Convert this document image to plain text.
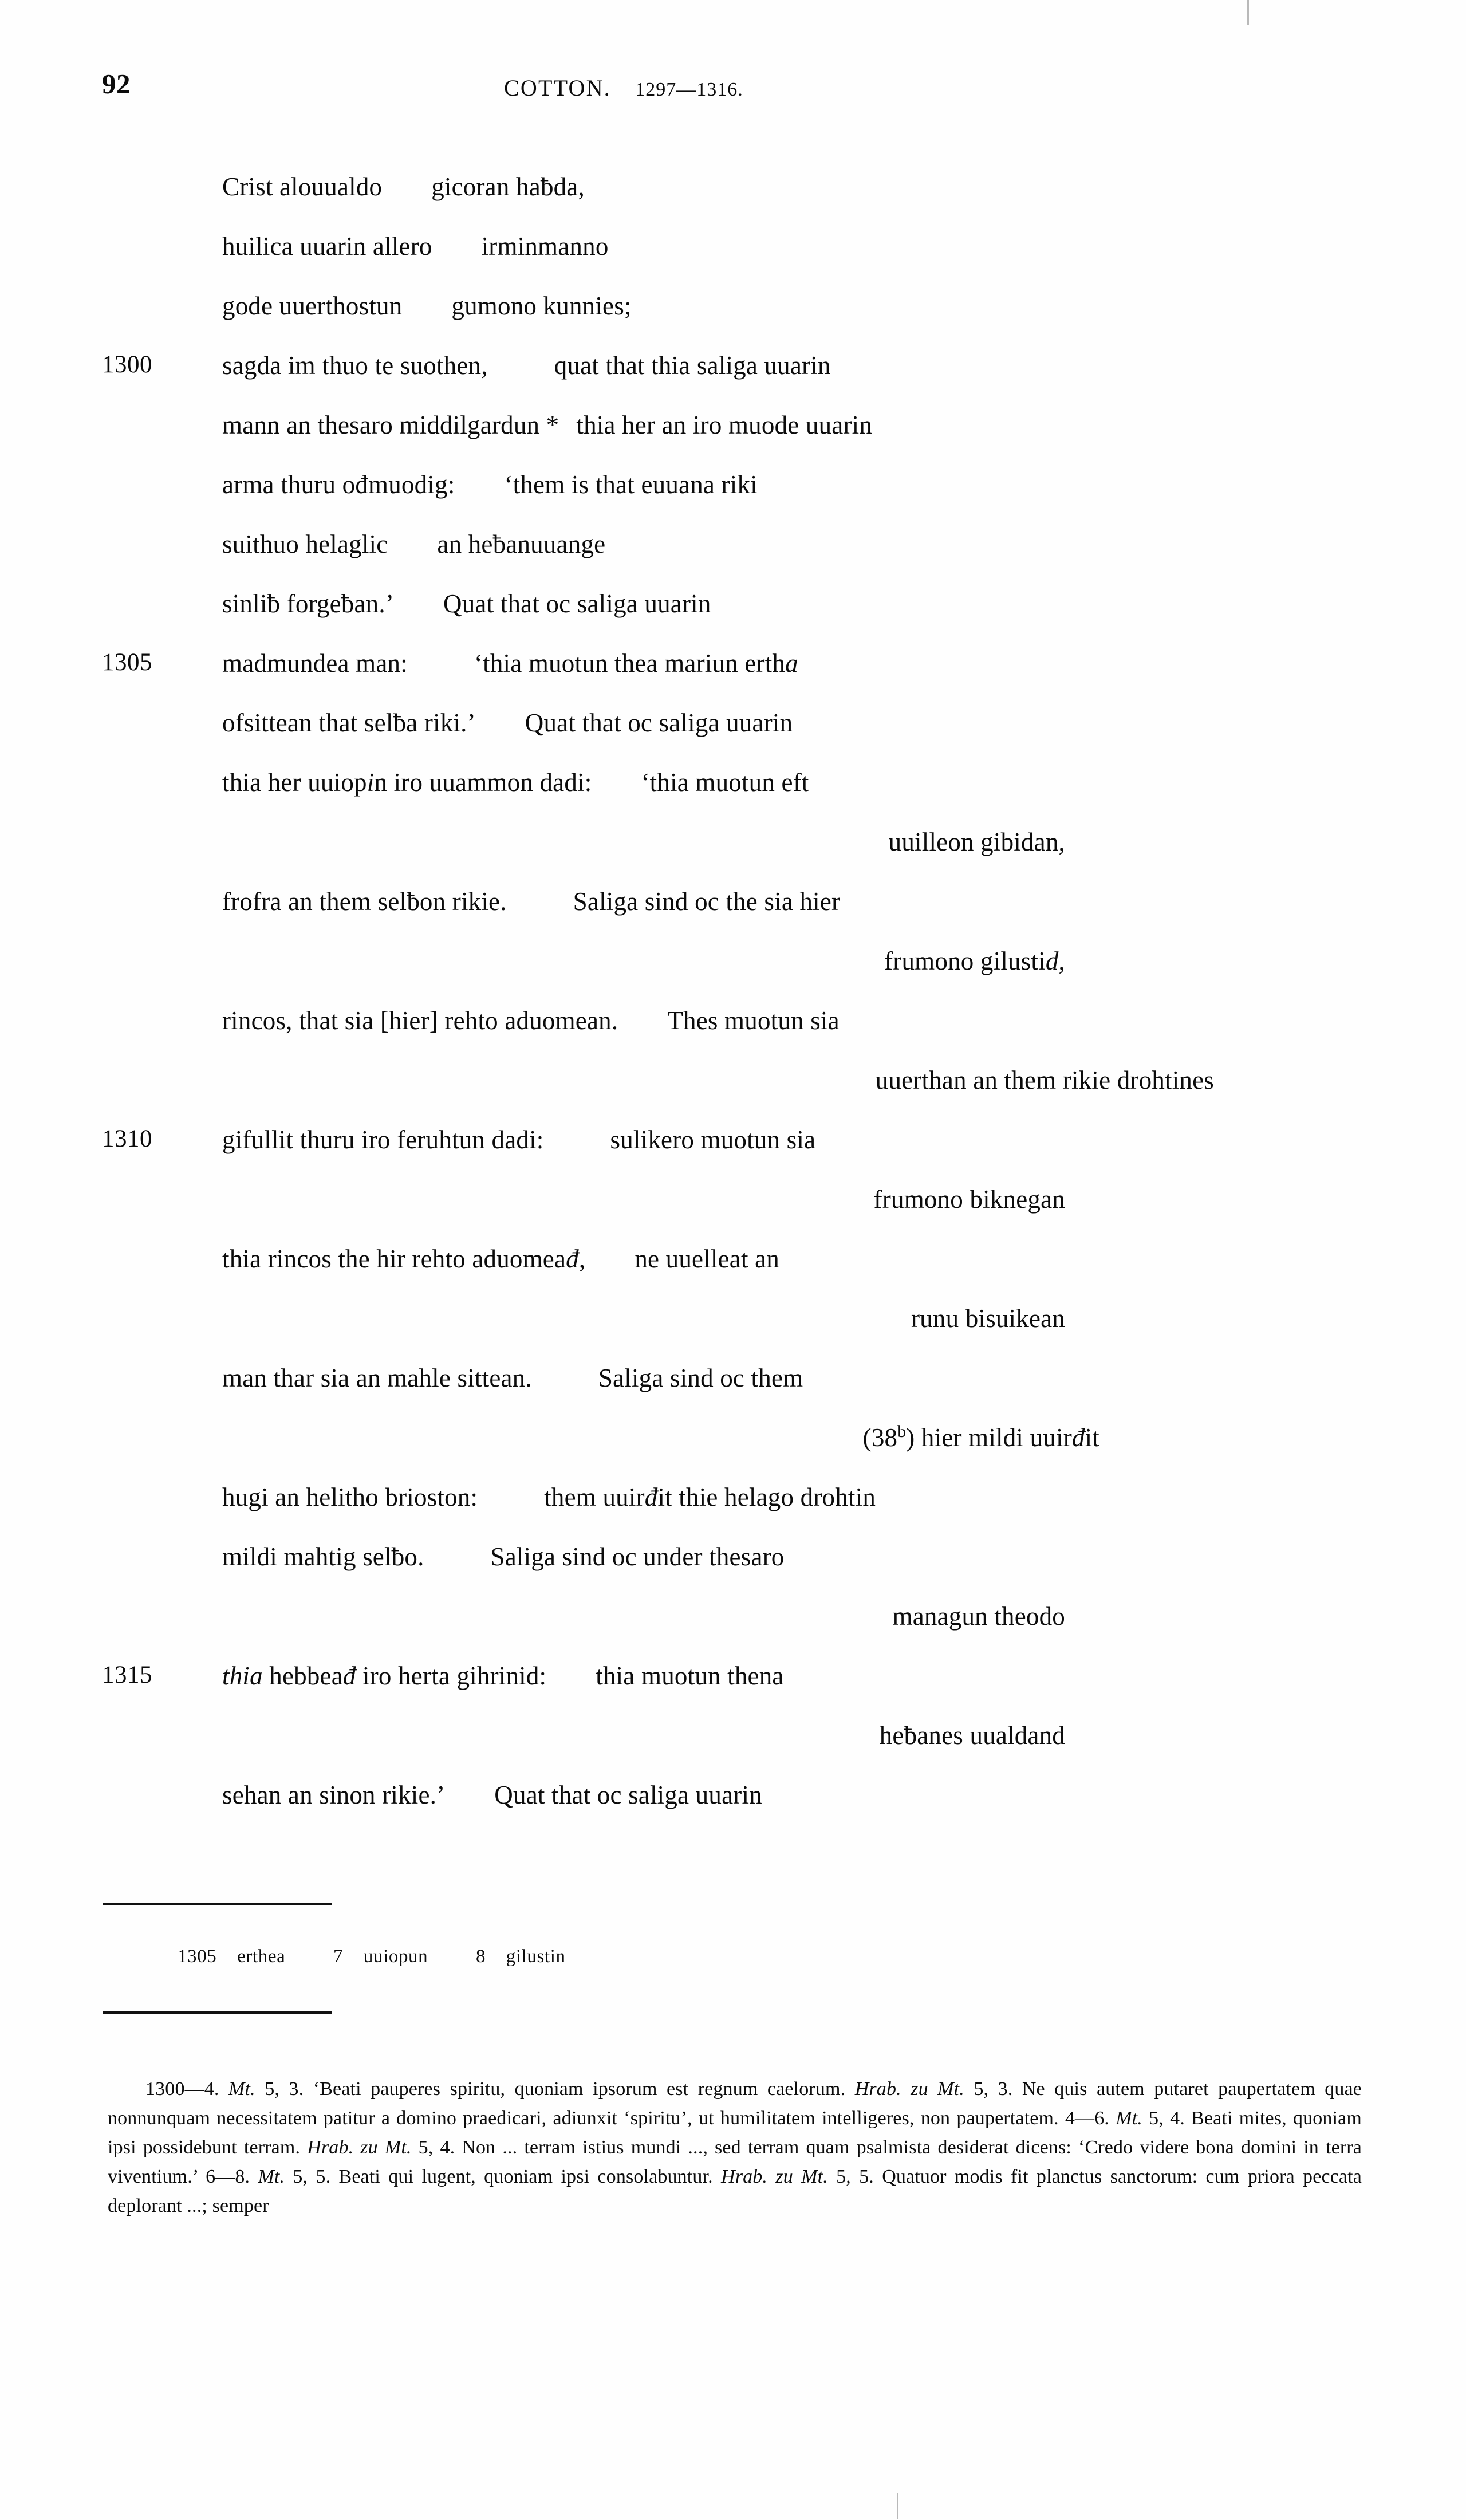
92	COTTON. 1297—1316.
Crist alouualdo gicoran haƀda,
huilica uuarin allero irminmanno
gode uuerthostun gumono kunnies;
1300	sagda im thuo te suothen,	quat that thia saliga uuarin
mann an thesaro middilgardun * thia her an iro muode uuarin
arma thuru ođmuodig: ‘them is that euuana riki
suithuo helaglic an heƀanuuange
sinliƀ forgeƀan.’ Quat that oc saliga uuarin
1305	madmundea man:	‘thia muotun thea mariun ertha
ofsittean that selƀa riki.’ Quat that oc saliga uuarin
thia her uuiopin iro uuammon dadi: ‘thia muotun eft
uuilleon gibidan,
frofra an them selƀon rikie.	Saliga sind oc the sia hier
frumono gilustid,
rincos, that sia [hier] rehto aduomean. Thes muotun sia
uuerthan an them rikie drohtines
1310	gifullit thuru iro feruhtun dadi:	sulikero muotun sia
frumono biknegan
thia rincos the hir rehto aduomeađ, ne uuelleat an
runu bisuikean
man thar sia an mahle sittean.	Saliga sind oc them
(38$^b$) hier mildi uuirđit
hugi an helitho brioston:	them uuirđit thie helago drohtin
mildi mahtig selƀo.	Saliga sind oc under thesaro
managun theodo
1315	thia hebbeađ iro herta gihrinid: thia muotun thena
heƀanes uualdand
sehan an sinon rikie.’ Quat that oc saliga uuarin
1305 erthea	7 uuiopun	8 gilustin
1300—4. Mt. 5, 3. ‘Beati pauperes spiritu, quoniam ipsorum est regnum caelorum. Hrab. zu Mt. 5, 3. Ne quis autem putaret paupertatem quae nonnunquam necessitatem patitur a domino praedicari, adiunxit ‘spiritu’, ut humilitatem intelligeres, non paupertatem. 4—6. Mt. 5, 4. Beati mites, quoniam ipsi possidebunt terram. Hrab. zu Mt. 5, 4. Non ... terram istius mundi ..., sed terram quam psalmista desiderat dicens: ‘Credo videre bona domini in terra viventium.’ 6—8. Mt. 5, 5. Beati qui lugent, quoniam ipsi consolabuntur. Hrab. zu Mt. 5, 5. Quatuor modis fit planctus sanctorum: cum priora peccata deplorant ...; semper
